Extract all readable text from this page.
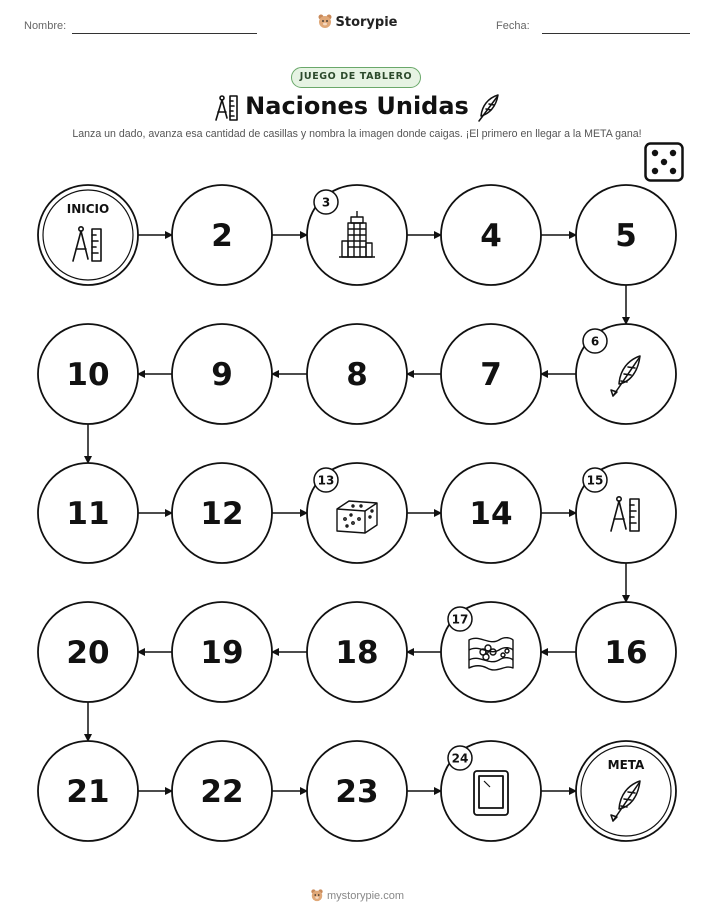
Nombre:	Storypie	Fecha:
JUEGO DE TABLERO
Naciones Unidas
Lanza un dado, avanza esa cantidad de casillas y nombra la imagen donde caigas. ¡El primero en llegar a la META gana!
INICIO
2
3
4	5
6
7
8
9
10
11	12
13
14
15
16
17
18
19
20
21	22	23
24	META
mystorypie.com
